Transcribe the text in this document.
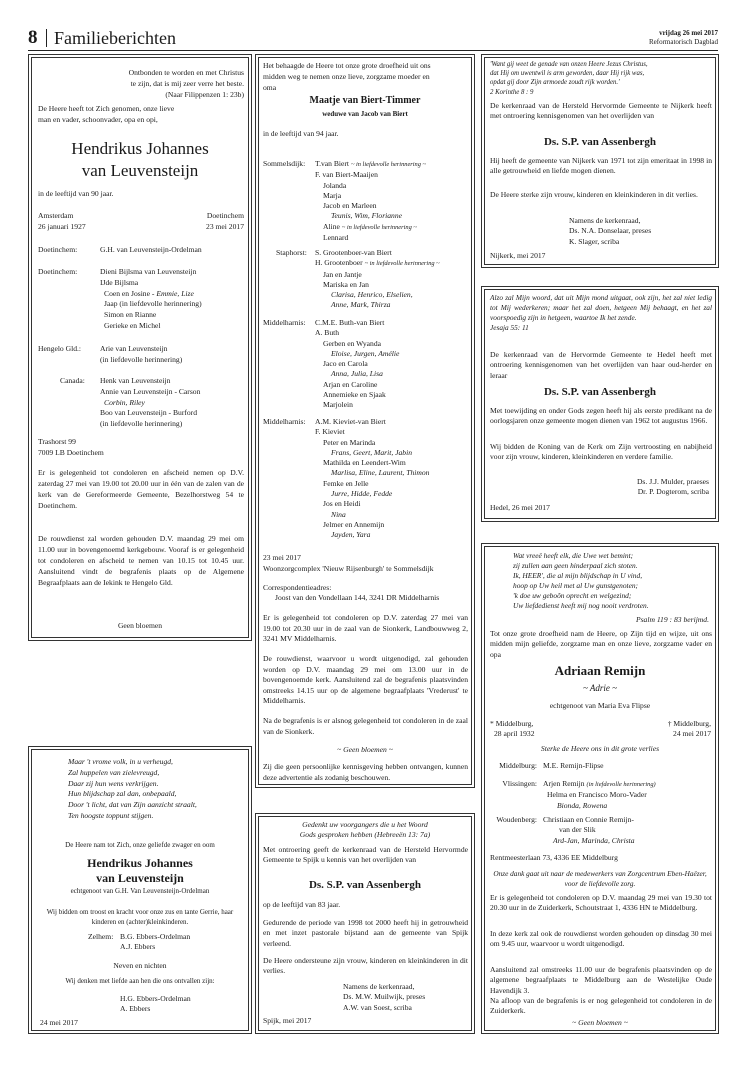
8 Familieberichten	vrijdag 26 mei 2017
Reformatorisch Dagblad
Ontbonden te worden en met Christus
te zijn, dat is mij zeer verre het beste.
(Naar Filippenzen 1: 23b)
De Heere heeft tot Zich genomen, onze lieve
man en vader, schoonvader, opa en opi,
Hendrikus Johannes
van Leuvensteijn
in de leeftijd van 90 jaar.
Amsterdam	Doetinchem
26 januari 1927	23 mei 2017
Doetinchem:	G.H. van Leuvensteijn-Ordelman
Doetinchem:	Dieni Bijlsma van Leuvensteijn
IJde Bijlsma
Coen en Josine - Emmie, Lize
Jaap (in liefdevolle herinnering)
Simon en Rianne
Gerieke en Michel
Hengelo Gld.: Arie van Leuvensteijn
(in liefdevolle herinnering)
Canada: Henk van Leuvensteijn
Annie van Leuvensteijn - Carson
Corbin, Riley
Boo van Leuvensteijn - Burford
(in liefdevolle herinnering)
Trashorst 99
7009 LB Doetinchem
Er is gelegenheid tot condoleren en afscheid nemen op D.V. zaterdag 27 mei van 19.00 tot 20.00 uur in één van de zalen van de kerk van de Gereformeerde Gemeente, Bezelhorstweg 54 te Doetinchem.
De rouwdienst zal worden gehouden D.V. maandag 29 mei om 11.00 uur in bovengenoemd kerkgebouw. Vooraf is er gelegenheid tot condoleren en afscheid te nemen van 10.15 tot 10.45 uur. Aansluitend vindt de begrafenis plaats op de Algemene Begraafplaats aan de Iekink te Hengelo Gld.
Geen bloemen
Maar 't vrome volk, in u verheugd,
Zal huppelen van zielevreugd,
Daar zij hun wens verkrijgen.
Hun blijdschap zal dan, onbepaald,
Door 't licht, dat van Zijn aanzicht straalt,
Ten hoogste toppunt stijgen.
De Heere nam tot Zich, onze geliefde zwager en oom
Hendrikus Johannes
van Leuvensteijn
echtgenoot van G.H. Van Leuvensteijn-Ordelman
Wij bidden om troost en kracht voor onze zus en tante Gerrie, haar kinderen en (achter)kleinkinderen.
Zelhem: B.G. Ebbers-Ordelman
A.J. Ebbers
Neven en nichten
Wij denken met liefde aan hen die ons ontvallen zijn:
H.G. Ebbers-Ordelman
A. Ebbers
24 mei 2017
Het behaagde de Heere tot onze grote droefheid uit ons
midden weg te nemen onze lieve, zorgzame moeder en
oma
Maatje van Biert-Timmer
weduwe van Jacob van Biert
in de leeftijd van 94 jaar.
Sommelsdijk: T.van Biert ~ in liefdevolle herinnering ~
F. van Biert-Maaijen
Jolanda
Marja
Jacob en Marleen
Teunis, Wim, Florianne
Aline ~ in liefdevolle herinnering ~
Lennard
Staphorst: S. Grootenboer-van Biert
H. Grootenboer ~ in liefdevolle herinnering ~
Jan en Jantje
Mariska en Jan
Clarisa, Henrico, Elselien,
Anne, Mark, Thirza
Middelharnis: C.M.E. Buth-van Biert
A. Buth
Gerben en Wyanda
Eloise, Jurgen, Amélie
Jaco en Carola
Anna, Julia, Lisa
Arjan en Caroline
Annemieke en Sjaak
Marjolein
Middelharnis: A.M. Kieviet-van Biert
F. Kieviet
Peter en Marinda
Frans, Geert, Marit, Jabin
Mathilda en Leendert-Wim
Marlisa, Eline, Laurent, Thimon
Femke en Jelle
Jurre, Hidde, Fedde
Jos en Heidi
Nina
Jelmer en Annemijn
Jayden, Yara
23 mei 2017
Woonzorgcomplex 'Nieuw Rijsenburgh' te Sommelsdijk
Correspondentieadres:
Joost van den Vondellaan 144, 3241 DR Middelharnis
Er is gelegenheid tot condoleren op D.V. zaterdag 27 mei van 19.00 tot 20.30 uur in de zaal van de Sionkerk, Landbouwweg 2, 3241 MV Middelharnis.
De rouwdienst, waarvoor u wordt uitgenodigd, zal gehouden worden op D.V. maandag 29 mei om 13.00 uur in de bovengenoemde kerk. Aansluitend zal de begrafenis plaatsvinden omstreeks 14.15 uur op de algemene begraafplaats 'Vrederust' te Middelharnis.
Na de begrafenis is er alsnog gelegenheid tot condoleren in de zaal van de Sionkerk.
~ Geen bloemen ~
Zij die geen persoonlijke kennisgeving hebben ontvangen, kunnen deze advertentie als zodanig beschouwen.
Gedenkt uw voorgangers die u het Woord
Gods gesproken hebben (Hebreeën 13: 7a)
Met ontroering geeft de kerkenraad van de Hersteld Hervormde Gemeente te Spijk u kennis van het overlijden van
Ds. S.P. van Assenbergh
op de leeftijd van 83 jaar.
Gedurende de periode van 1998 tot 2000 heeft hij in getrouwheid en met inzet pastorale bijstand aan de gemeente van Spijk verleend.
De Heere ondersteune zijn vrouw, kinderen en kleinkinderen in dit verlies.
Namens de kerkenraad,
Ds. M.W. Muilwijk, preses
A.W. van Soest, scriba
Spijk, mei 2017
'Want gij weet de genade van onzen Heere Jezus Christus,
dat Hij om uwentwil is arm geworden, daar Hij rijk was,
opdat gij door Zijn armoede zoudt rijk worden.'
2 Korinthe 8 : 9
De kerkenraad van de Hersteld Hervormde Gemeente te Nijkerk heeft met ontroering kennisgenomen van het overlijden van
Ds. S.P. van Assenbergh
Hij heeft de gemeente van Nijkerk van 1971 tot zijn emeritaat in 1998 in alle getrouwheid en liefde mogen dienen.
De Heere sterke zijn vrouw, kinderen en kleinkinderen in dit verlies.
Namens de kerkenraad,
Ds. N.A. Donselaar, preses
K. Slager, scriba
Nijkerk, mei 2017
Alzo zal Mijn woord, dat uit Mijn mond uitgaat, ook zijn, het zal niet ledig tot Mij wederkeren; maar het zal doen, hetgeen Mij behaagt, en het zal voorspoedig zijn in hetgeen, waartoe Ik het zende.
Jesaja 55: 11
De kerkenraad van de Hervormde Gemeente te Hedel heeft met ontroering kennisgenomen van het overlijden van haar oud-herder en leraar
Ds. S.P. van Assenbergh
Met toewijding en onder Gods zegen heeft hij als eerste predikant na de oorlogsjaren onze gemeente mogen dienen van 1962 tot augustus 1966.
Wij bidden de Koning van de Kerk om Zijn vertroosting en nabijheid voor zijn vrouw, kinderen, kleinkinderen en verdere familie.
Ds. J.J. Mulder, praeses
Dr. P. Dogterom, scriba
Hedel, 26 mei 2017
Wat vreeë heeft elk, die Uwe wet bemint;
zij zullen aan geen hinderpaal zich stoten.
Ik, HEER', die al mijn blijdschap in U vind,
hoop op Uw heil met al Uw gunstgenoten;
'k doe uw geboôn oprecht en welgezind;
Uw liefdedienst heeft mij nog nooit verdroten.
Psalm 119 : 83 berijmd.
Tot onze grote droefheid nam de Heere, op Zijn tijd en wijze, uit ons midden mijn geliefde, zorgzame man en onze lieve, zorgzame vader en opa
Adriaan Remijn
~ Adrie ~
echtgenoot van Maria Eva Flipse
* Middelburg,
28 april 1932
† Middelburg,
24 mei 2017
Sterke de Heere ons in dit grote verlies
Middelburg: M.E. Remijn-Flipse
Vlissingen: Arjen Remijn (in liefdevolle herinnering)
Helma en Francisco Moro-Vader
Bionda, Rowena
Woudenberg: Christiaan en Connie Remijn-
van der Slik
Ard-Jan, Marinda, Christa
Rentmeesterlaan 73, 4336 EE Middelburg
Onze dank gaat uit naar de medewerkers van Zorgcentrum Eben-Haëzer, voor de liefdevolle zorg.
Er is gelegenheid tot condoleren op D.V. maandag 29 mei van 19.30 tot 20.30 uur in de Zuiderkerk, Schoutstraat 1, 4336 HN te Middelburg.
In deze kerk zal ook de rouwdienst worden gehouden op dinsdag 30 mei om 9.45 uur, waarvoor u wordt uitgenodigd.
Aansluitend zal omstreeks 11.00 uur de begrafenis plaatsvinden op de algemene begraafplaats te Middelburg aan de Westelijke Oude Havendijk 3.
Na afloop van de begrafenis is er nog gelegenheid tot condoleren in de Zuiderkerk.
~ Geen bloemen ~
